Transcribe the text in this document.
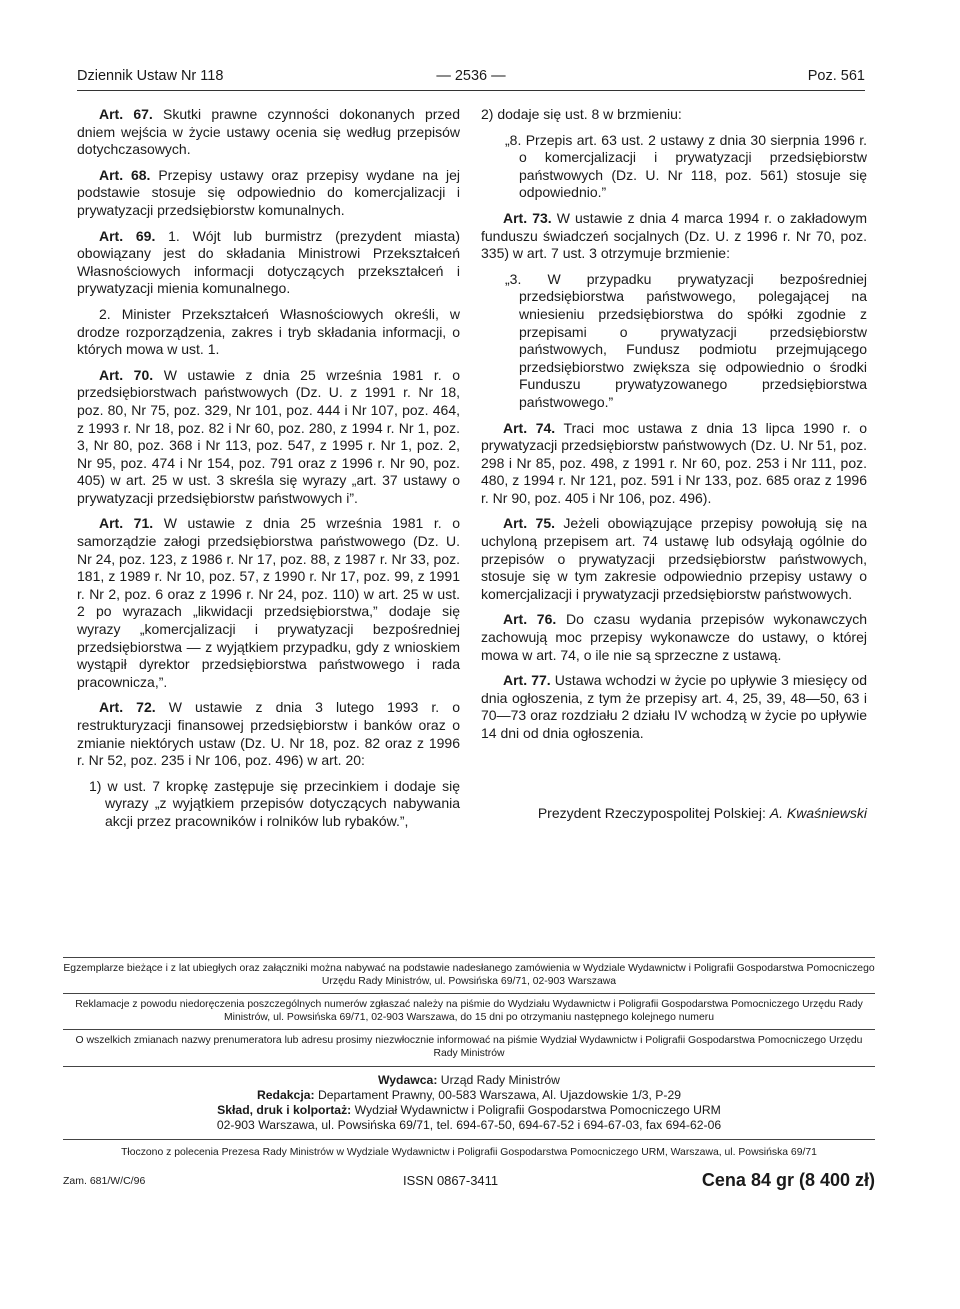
Dziennik Ustaw Nr 118	— 2536 —	Poz. 561

Art. 67. Skutki prawne czynności dokonanych przed dniem wejścia w życie ustawy ocenia się według przepisów dotychczasowych.

Art. 68. Przepisy ustawy oraz przepisy wydane na jej podstawie stosuje się odpowiednio do komercjalizacji i prywatyzacji przedsiębiorstw komunalnych.

Art. 69. 1. Wójt lub burmistrz (prezydent miasta) obowiązany jest do składania Ministrowi Przekształceń Własnościowych informacji dotyczących przekształceń i prywatyzacji mienia komunalnego.

2. Minister Przekształceń Własnościowych określi, w drodze rozporządzenia, zakres i tryb składania informacji, o których mowa w ust. 1.

Art. 70. W ustawie z dnia 25 września 1981 r. o przedsiębiorstwach państwowych (Dz. U. z 1991 r. Nr 18, poz. 80, Nr 75, poz. 329, Nr 101, poz. 444 i Nr 107, poz. 464, z 1993 r. Nr 18, poz. 82 i Nr 60, poz. 280, z 1994 r. Nr 1, poz. 3, Nr 80, poz. 368 i Nr 113, poz. 547, z 1995 r. Nr 1, poz. 2, Nr 95, poz. 474 i Nr 154, poz. 791 oraz z 1996 r. Nr 90, poz. 405) w art. 25 w ust. 3 skreśla się wyrazy „art. 37 ustawy o prywatyzacji przedsiębiorstw państwowych i”.

Art. 71. W ustawie z dnia 25 września 1981 r. o samorządzie załogi przedsiębiorstwa państwowego (Dz. U. Nr 24, poz. 123, z 1986 r. Nr 17, poz. 88, z 1987 r. Nr 33, poz. 181, z 1989 r. Nr 10, poz. 57, z 1990 r. Nr 17, poz. 99, z 1991 r. Nr 2, poz. 6 oraz z 1996 r. Nr 24, poz. 110) w art. 25 w ust. 2 po wyrazach „likwidacji przedsiębiorstwa,” dodaje się wyrazy „komercjalizacji i prywatyzacji bezpośredniej przedsiębiorstwa — z wyjątkiem przypadku, gdy z wnioskiem wystąpił dyrektor przedsiębiorstwa państwowego i rada pracownicza,”.

Art. 72. W ustawie z dnia 3 lutego 1993 r. o restrukturyzacji finansowej przedsiębiorstw i banków oraz o zmianie niektórych ustaw (Dz. U. Nr 18, poz. 82 oraz z 1996 r. Nr 52, poz. 235 i Nr 106, poz. 496) w art. 20:

1) w ust. 7 kropkę zastępuje się przecinkiem i dodaje się wyrazy „z wyjątkiem przepisów dotyczących nabywania akcji przez pracowników i rolników lub rybaków.”,

2) dodaje się ust. 8 w brzmieniu:

„8. Przepis art. 63 ust. 2 ustawy z dnia 30 sierpnia 1996 r. o komercjalizacji i prywatyzacji przedsiębiorstw państwowych (Dz. U. Nr 118, poz. 561) stosuje się odpowiednio.”

Art. 73. W ustawie z dnia 4 marca 1994 r. o zakładowym funduszu świadczeń socjalnych (Dz. U. z 1996 r. Nr 70, poz. 335) w art. 7 ust. 3 otrzymuje brzmienie:

„3. W przypadku prywatyzacji bezpośredniej przedsiębiorstwa państwowego, polegającej na wniesieniu przedsiębiorstwa do spółki zgodnie z przepisami o prywatyzacji przedsiębiorstw państwowych, Fundusz podmiotu przejmującego przedsiębiorstwo zwiększa się odpowiednio o środki Funduszu prywatyzowanego przedsiębiorstwa państwowego.”

Art. 74. Traci moc ustawa z dnia 13 lipca 1990 r. o prywatyzacji przedsiębiorstw państwowych (Dz. U. Nr 51, poz. 298 i Nr 85, poz. 498, z 1991 r. Nr 60, poz. 253 i Nr 111, poz. 480, z 1994 r. Nr 121, poz. 591 i Nr 133, poz. 685 oraz z 1996 r. Nr 90, poz. 405 i Nr 106, poz. 496).

Art. 75. Jeżeli obowiązujące przepisy powołują się na uchyloną przepisem art. 74 ustawę lub odsyłają ogólnie do przepisów o prywatyzacji przedsiębiorstw państwowych, stosuje się w tym zakresie odpowiednio przepisy ustawy o komercjalizacji i prywatyzacji przedsiębiorstw państwowych.

Art. 76. Do czasu wydania przepisów wykonawczych zachowują moc przepisy wykonawcze do ustawy, o której mowa w art. 74, o ile nie są sprzeczne z ustawą.

Art. 77. Ustawa wchodzi w życie po upływie 3 miesięcy od dnia ogłoszenia, z tym że przepisy art. 4, 25, 39, 48—50, 63 i 70—73 oraz rozdziału 2 działu IV wchodzą w życie po upływie 14 dni od dnia ogłoszenia.

Prezydent Rzeczypospolitej Polskiej: A. Kwaśniewski
Egzemplarze bieżące i z lat ubiegłych oraz załączniki można nabywać na podstawie nadesłanego zamówienia w Wydziale Wydawnictw i Poligrafii Gospodarstwa Pomocniczego Urzędu Rady Ministrów, ul. Powsińska 69/71, 02-903 Warszawa
Reklamacje z powodu niedoręczenia poszczególnych numerów zgłaszać należy na piśmie do Wydziału Wydawnictw i Poligrafii Gospodarstwa Pomocniczego Urzędu Rady Ministrów, ul. Powsińska 69/71, 02-903 Warszawa, do 15 dni po otrzymaniu następnego kolejnego numeru
O wszelkich zmianach nazwy prenumeratora lub adresu prosimy niezwłocznie informować na piśmie Wydział Wydawnictw i Poligrafii Gospodarstwa Pomocniczego Urzędu Rady Ministrów
Wydawca: Urząd Rady Ministrów
Redakcja: Departament Prawny, 00-583 Warszawa, Al. Ujazdowskie 1/3, P-29
Skład, druk i kolportaż: Wydział Wydawnictw i Poligrafii Gospodarstwa Pomocniczego URM
02-903 Warszawa, ul. Powsińska 69/71, tel. 694-67-50, 694-67-52 i 694-67-03, fax 694-62-06
Tłoczono z polecenia Prezesa Rady Ministrów w Wydziale Wydawnictw i Poligrafii Gospodarstwa Pomocniczego URM, Warszawa, ul. Powsińska 69/71
Zam. 681/W/C/96	ISSN 0867-3411	Cena 84 gr (8 400 zł)
